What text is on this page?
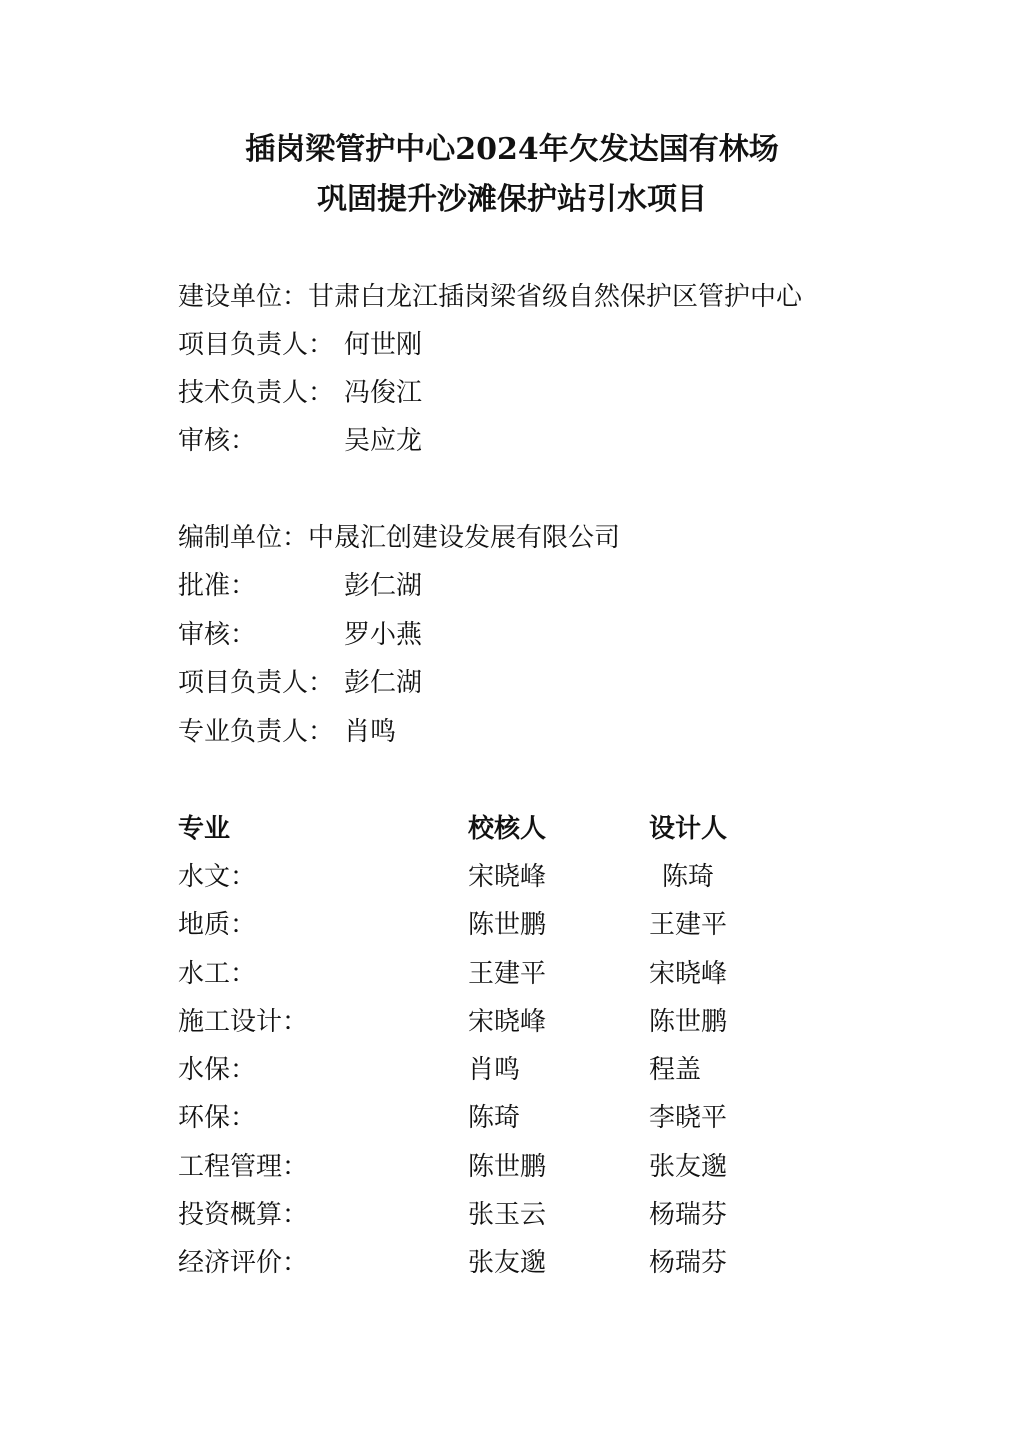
插岗梁管护中心2024年欠发达国有林场
巩固提升沙滩保护站引水项目
建设单位：甘肃白龙江插岗梁省级自然保护区管护中心
项目负责人： 何世刚
技术负责人： 冯俊江
审核：	吴应龙
编制单位：中晟汇创建设发展有限公司
批准：	彭仁湖
审核：	罗小燕
项目负责人： 彭仁湖
专业负责人： 肖鸣
专业	校核人	设计人
水文：	宋晓峰	陈琦
地质：	陈世鹏	王建平
水工：	王建平	宋晓峰
施工设计：	宋晓峰	陈世鹏
水保：	肖鸣	程盖
环保：	陈琦	李晓平
工程管理：	陈世鹏	张友邈
投资概算：	张玉云	杨瑞芬
经济评价：	张友邈	杨瑞芬
